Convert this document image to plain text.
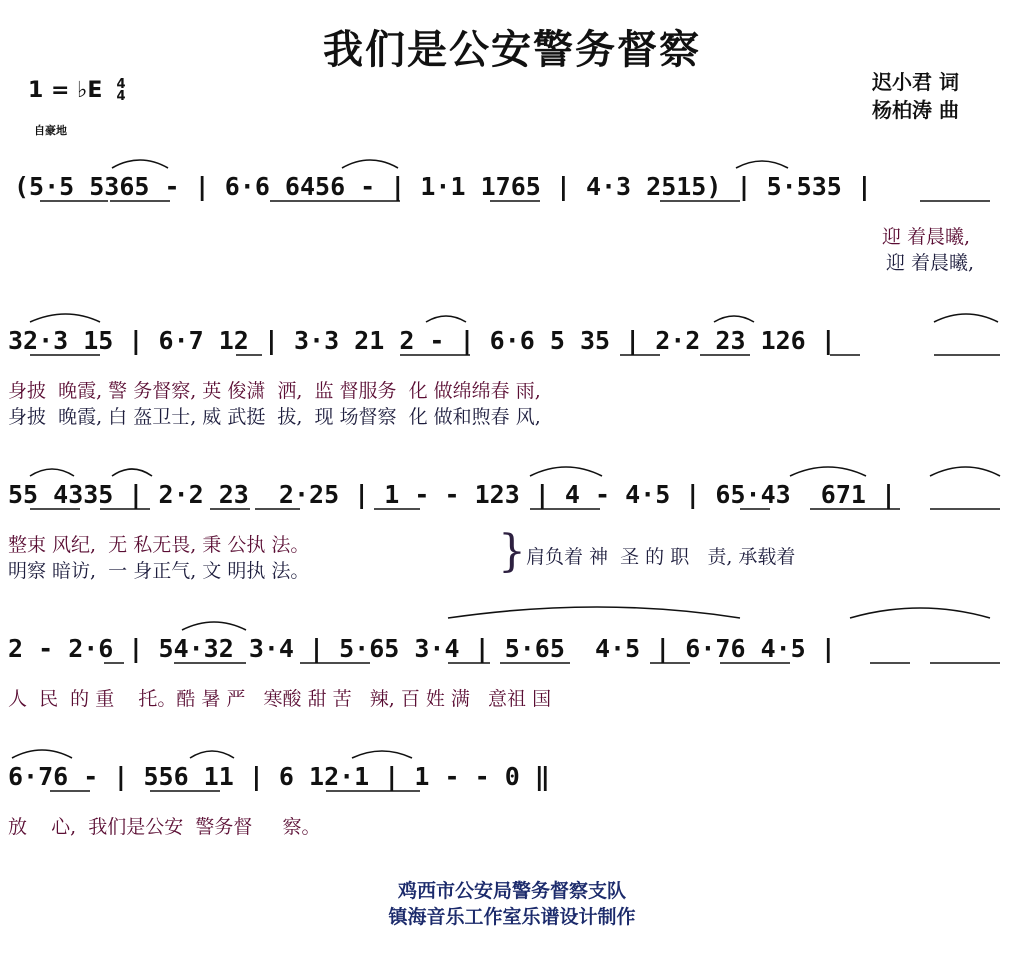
我们是公安警务督察
1 = ♭E 4
4
自豪地
迟小君 词
杨柏涛 曲
(5·5 5365 - | 6·6 6456 - | 1·1 1765 | 4·3 2515) | 5·535 |
迎 着晨曦,
迎 着晨曦,
32·3 15 | 6·7 12 | 3·3 21 2 - | 6·6 5 35 | 2·2 23 126 |
身披  晚霞, 警 务督察, 英 俊潇  洒,  监 督服务  化 做绵绵春 雨,
身披  晚霞, 白 盔卫士, 威 武挺  拔,  现 场督察  化 做和煦春 风,
55 4335 | 2·2 23  2·25 | 1 - - 123 | 4 - 4·5 | 65·43  671 |
整束 风纪,  无 私无畏, 秉 公执 法。
明察 暗访,  一 身正气, 文 明执 法。	} 肩负着 神  圣 的 职   责, 承载着
2 - 2·6 | 54·32 3·4 | 5·65 3·4 | 5·65  4·5 | 6·76 4·5 |
人  民  的 重    托。酷 暑 严   寒酸 甜 苦   辣, 百 姓 满   意祖 国
6·76 - | 556 11 | 6 12·1 | 1 - - 0 ‖
放    心,  我们是公安  警务督     察。
鸡西市公安局警务督察支队
镇海音乐工作室乐谱设计制作
